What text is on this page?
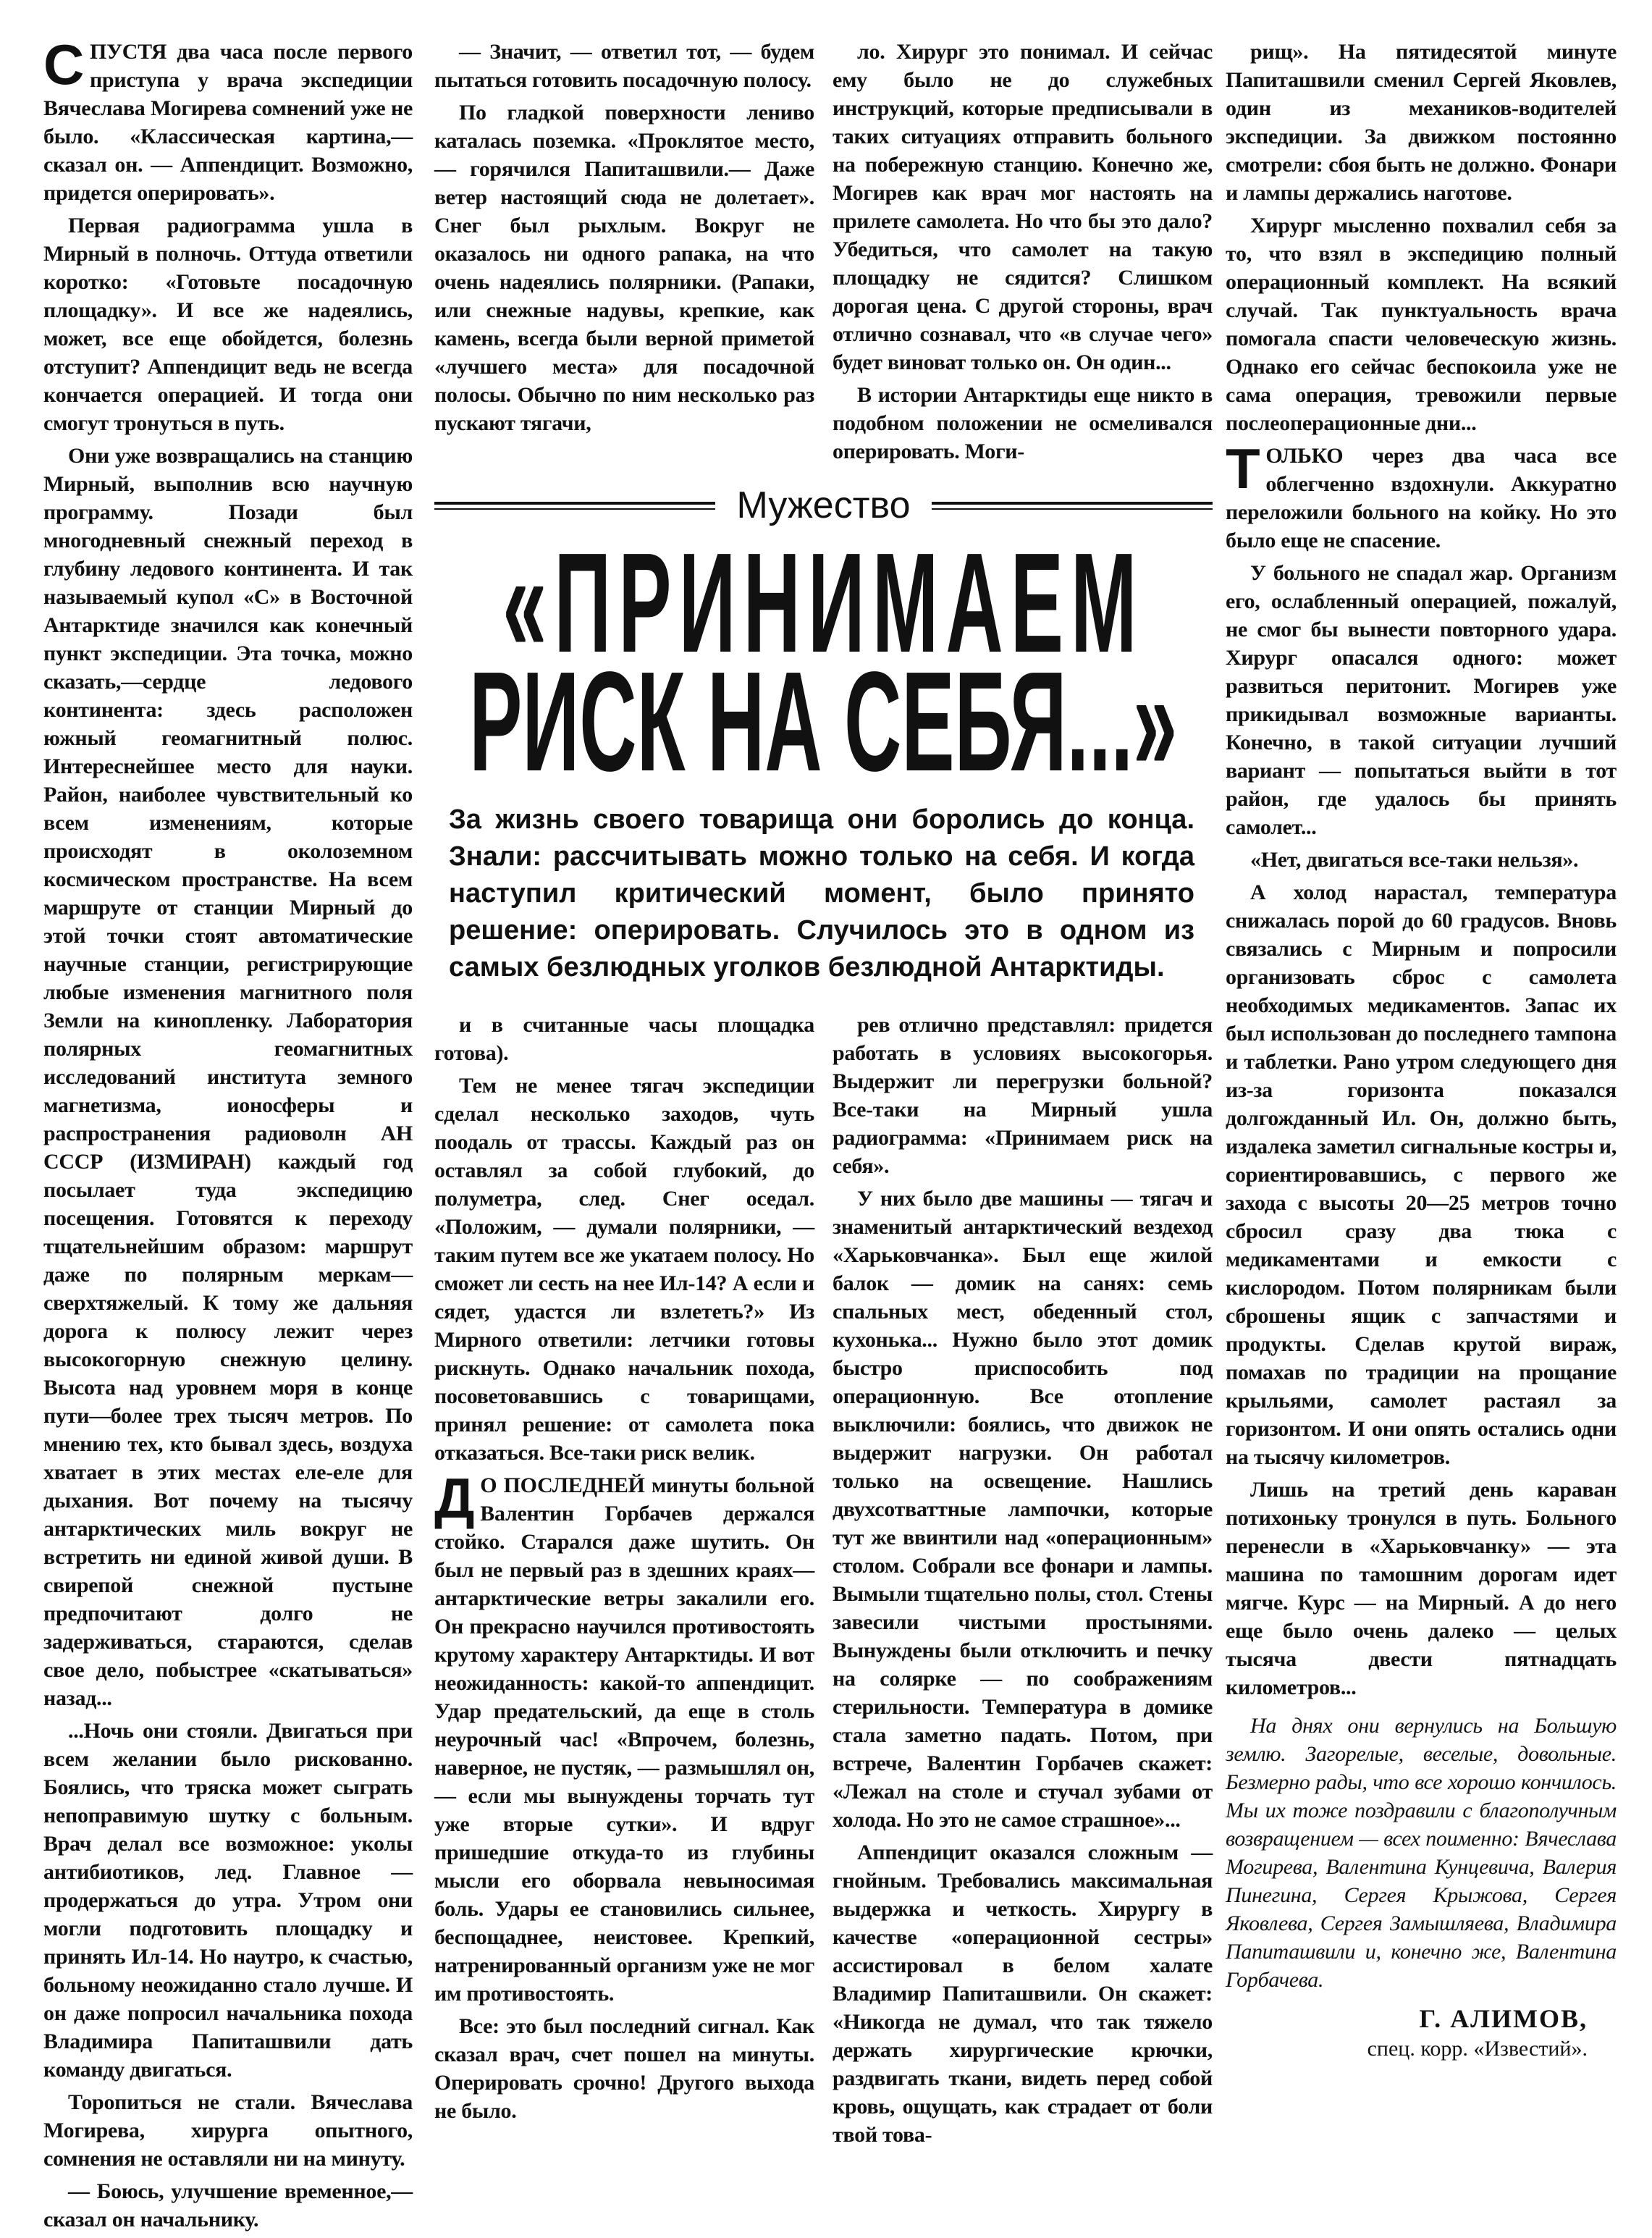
СПУСТЯ два часа после первого приступа у врача экспедиции Вячеслава Могирева сомнений уже не было. «Классическая картина,— сказал он. — Аппендицит. Возможно, придется оперировать».

Первая радиограмма ушла в Мирный в полночь. Оттуда ответили коротко: «Готовьте посадочную площадку». И все же надеялись, может, все еще обойдется, болезнь отступит? Аппендицит ведь не всегда кончается операцией. И тогда они смогут тронуться в путь.

Они уже возвращались на станцию Мирный, выполнив всю научную программу. Позади был многодневный снежный переход в глубину ледового континента. И так называемый купол «С» в Восточной Антарктиде значился как конечный пункт экспедиции. Эта точка, можно сказать,—сердце ледового континента: здесь расположен южный геомагнитный полюс. Интереснейшее место для науки. Район, наиболее чувствительный ко всем изменениям, которые происходят в околоземном космическом пространстве. На всем маршруте от станции Мирный до этой точки стоят автоматические научные станции, регистрирующие любые изменения магнитного поля Земли на кинопленку. Лаборатория полярных геомагнитных исследований института земного магнетизма, ионосферы и распространения радиоволн АН СССР (ИЗМИРАН) каждый год посылает туда экспедицию посещения. Готовятся к переходу тщательнейшим образом: маршрут даже по полярным меркам—сверхтяжелый. К тому же дальняя дорога к полюсу лежит через высокогорную снежную целину. Высота над уровнем моря в конце пути—более трех тысяч метров. По мнению тех, кто бывал здесь, воздуха хватает в этих местах еле-еле для дыхания. Вот почему на тысячу антарктических миль вокруг не встретить ни единой живой души. В свирепой снежной пустыне предпочитают долго не задерживаться, стараются, сделав свое дело, побыстрее «скатываться» назад...

...Ночь они стояли. Двигаться при всем желании было рискованно. Боялись, что тряска может сыграть непоправимую шутку с больным. Врач делал все возможное: уколы антибиотиков, лед. Главное — продержаться до утра. Утром они могли подготовить площадку и принять Ил-14. Но наутро, к счастью, больному неожиданно стало лучше. И он даже попросил начальника похода Владимира Папиташвили дать команду двигаться.

Торопиться не стали. Вячеслава Могирева, хирурга опытного, сомнения не оставляли ни на минуту.

— Боюсь, улучшение временное,— сказал он начальнику.

— Значит, — ответил тот, — будем пытаться готовить посадочную полосу.

По гладкой поверхности лениво каталась поземка. «Проклятое место,— горячился Папиташвили.— Даже ветер настоящий сюда не долетает». Снег был рыхлым. Вокруг не оказалось ни одного рапака, на что очень надеялись полярники. (Рапаки, или снежные надувы, крепкие, как камень, всегда были верной приметой «лучшего места» для посадочной полосы. Обычно по ним несколько раз пускают тягачи,

ло. Хирург это понимал. И сейчас ему было не до служебных инструкций, которые предписывали в таких ситуациях отправить больного на побережную станцию. Конечно же, Могирев как врач мог настоять на прилете самолета. Но что бы это дало? Убедиться, что самолет на такую площадку не сядится? Слишком дорогая цена. С другой стороны, врач отлично сознавал, что «в случае чего» будет виноват только он. Он один...

В истории Антарктиды еще никто в подобном положении не осмеливался оперировать. Моги-

Мужество
«ПРИНИМАЕМ
РИСК НА СЕБЯ...»
За жизнь своего товарища они боролись до конца. Знали: рассчитывать можно только на себя. И когда наступил критический момент, было принято решение: оперировать. Случилось это в одном из самых безлюдных уголков безлюдной Антарктиды.

и в считанные часы площадка готова).

Тем не менее тягач экспедиции сделал несколько заходов, чуть поодаль от трассы. Каждый раз он оставлял за собой глубокий, до полуметра, след. Снег оседал. «Положим, — думали полярники, — таким путем все же укатаем полосу. Но сможет ли сесть на нее Ил-14? А если и сядет, удастся ли взлететь?» Из Мирного ответили: летчики готовы рискнуть. Однако начальник похода, посоветовавшись с товарищами, принял решение: от самолета пока отказаться. Все-таки риск велик.

ДО ПОСЛЕДНЕЙ минуты больной Валентин Горбачев держался стойко. Старался даже шутить. Он был не первый раз в здешних краях—антарктические ветры закалили его. Он прекрасно научился противостоять крутому характеру Антарктиды. И вот неожиданность: какой-то аппендицит. Удар предательский, да еще в столь неурочный час! «Впрочем, болезнь, наверное, не пустяк, — размышлял он,— если мы вынуждены торчать тут уже вторые сутки». И вдруг пришедшие откуда-то из глубины мысли его оборвала невыносимая боль. Удары ее становились сильнее, беспощаднее, неистовее. Крепкий, натренированный организм уже не мог им противостоять.

Все: это был последний сигнал. Как сказал врач, счет пошел на минуты. Оперировать срочно! Другого выхода не было.

рев отлично представлял: придется работать в условиях высокогорья. Выдержит ли перегрузки больной? Все-таки на Мирный ушла радиограмма: «Принимаем риск на себя».

У них было две машины — тягач и знаменитый антарктический вездеход «Харьковчанка». Был еще жилой балок — домик на санях: семь спальных мест, обеденный стол, кухонька... Нужно было этот домик быстро приспособить под операционную. Все отопление выключили: боялись, что движок не выдержит нагрузки. Он работал только на освещение. Нашлись двухсотваттные лампочки, которые тут же ввинтили над «операционным» столом. Собрали все фонари и лампы. Вымыли тщательно полы, стол. Стены завесили чистыми простынями. Вынуждены были отключить и печку на солярке — по соображениям стерильности. Температура в домике стала заметно падать. Потом, при встрече, Валентин Горбачев скажет: «Лежал на столе и стучал зубами от холода. Но это не самое страшное»...

Аппендицит оказался сложным — гнойным. Требовались максимальная выдержка и четкость. Хирургу в качестве «операционной сестры» ассистировал в белом халате Владимир Папиташвили. Он скажет: «Никогда не думал, что так тяжело держать хирургические крючки, раздвигать ткани, видеть перед собой кровь, ощущать, как страдает от боли твой това-

рищ». На пятидесятой минуте Папиташвили сменил Сергей Яковлев, один из механиков-водителей экспедиции. За движком постоянно смотрели: сбоя быть не должно. Фонари и лампы держались наготове.

Хирург мысленно похвалил себя за то, что взял в экспедицию полный операционный комплект. На всякий случай. Так пунктуальность врача помогала спасти человеческую жизнь. Однако его сейчас беспокоила уже не сама операция, тревожили первые послеоперационные дни...

ТОЛЬКО через два часа все облегченно вздохнули. Аккуратно переложили больного на койку. Но это было еще не спасение.

У больного не спадал жар. Организм его, ослабленный операцией, пожалуй, не смог бы вынести повторного удара. Хирург опасался одного: может развиться перитонит. Могирев уже прикидывал возможные варианты. Конечно, в такой ситуации лучший вариант — попытаться выйти в тот район, где удалось бы принять самолет...

«Нет, двигаться все-таки нельзя».

А холод нарастал, температура снижалась порой до 60 градусов. Вновь связались с Мирным и попросили организовать сброс с самолета необходимых медикаментов. Запас их был использован до последнего тампона и таблетки. Рано утром следующего дня из-за горизонта показался долгожданный Ил. Он, должно быть, издалека заметил сигнальные костры и, сориентировавшись, с первого же захода с высоты 20—25 метров точно сбросил сразу два тюка с медикаментами и емкости с кислородом. Потом полярникам были сброшены ящик с запчастями и продукты. Сделав крутой вираж, помахав по традиции на прощание крыльями, самолет растаял за горизонтом. И они опять остались одни на тысячу километров.

Лишь на третий день караван потихоньку тронулся в путь. Больного перенесли в «Харьковчанку» — эта машина по тамошним дорогам идет мягче. Курс — на Мирный. А до него еще было очень далеко — целых тысяча двести пятнадцать километров...

На днях они вернулись на Большую землю. Загорелые, веселые, довольные. Безмерно рады, что все хорошо кончилось. Мы их тоже поздравили с благополучным возвращением — всех поименно: Вячеслава Могирева, Валентина Кунцевича, Валерия Пинегина, Сергея Крыжова, Сергея Яковлева, Сергея Замышляева, Владимира Папиташвили и, конечно же, Валентина Горбачева.

Г. АЛИМОВ,
спец. корр. «Известий».
